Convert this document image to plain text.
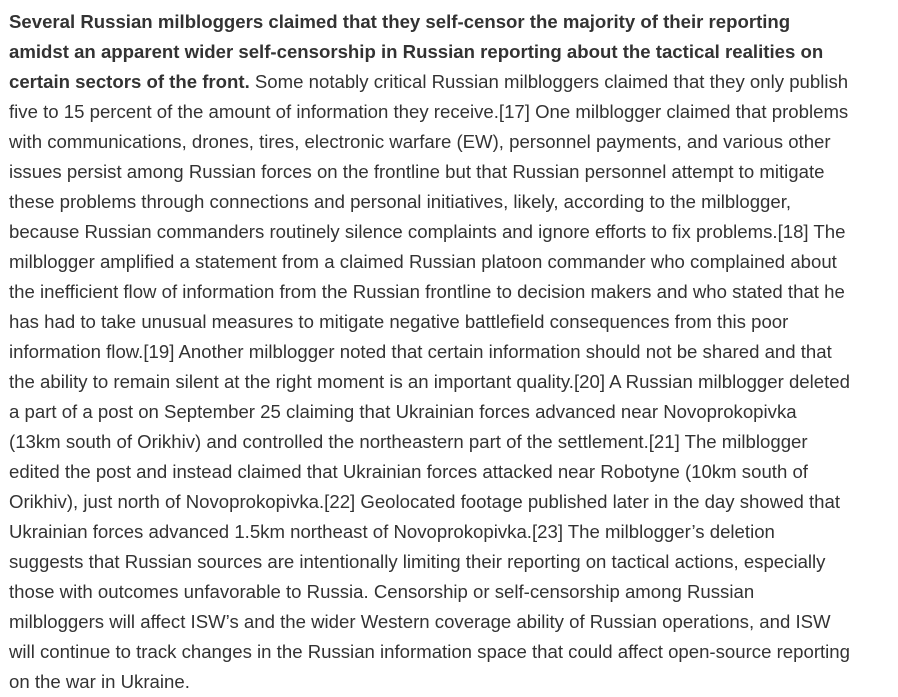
Several Russian milbloggers claimed that they self-censor the majority of their reporting
amidst an apparent wider self-censorship in Russian reporting about the tactical realities on
certain sectors of the front. Some notably critical Russian milbloggers claimed that they only publish
five to 15 percent of the amount of information they receive.[17] One milblogger claimed that problems
with communications, drones, tires, electronic warfare (EW), personnel payments, and various other
issues persist among Russian forces on the frontline but that Russian personnel attempt to mitigate
these problems through connections and personal initiatives, likely, according to the milblogger,
because Russian commanders routinely silence complaints and ignore efforts to fix problems.[18] The
milblogger amplified a statement from a claimed Russian platoon commander who complained about
the inefficient flow of information from the Russian frontline to decision makers and who stated that he
has had to take unusual measures to mitigate negative battlefield consequences from this poor
information flow.[19] Another milblogger noted that certain information should not be shared and that
the ability to remain silent at the right moment is an important quality.[20] A Russian milblogger deleted
a part of a post on September 25 claiming that Ukrainian forces advanced near Novoprokopivka
(13km south of Orikhiv) and controlled the northeastern part of the settlement.[21] The milblogger
edited the post and instead claimed that Ukrainian forces attacked near Robotyne (10km south of
Orikhiv), just north of Novoprokopivka.[22] Geolocated footage published later in the day showed that
Ukrainian forces advanced 1.5km northeast of Novoprokopivka.[23] The milblogger’s deletion
suggests that Russian sources are intentionally limiting their reporting on tactical actions, especially
those with outcomes unfavorable to Russia. Censorship or self-censorship among Russian
milbloggers will affect ISW’s and the wider Western coverage ability of Russian operations, and ISW
will continue to track changes in the Russian information space that could affect open-source reporting
on the war in Ukraine.
